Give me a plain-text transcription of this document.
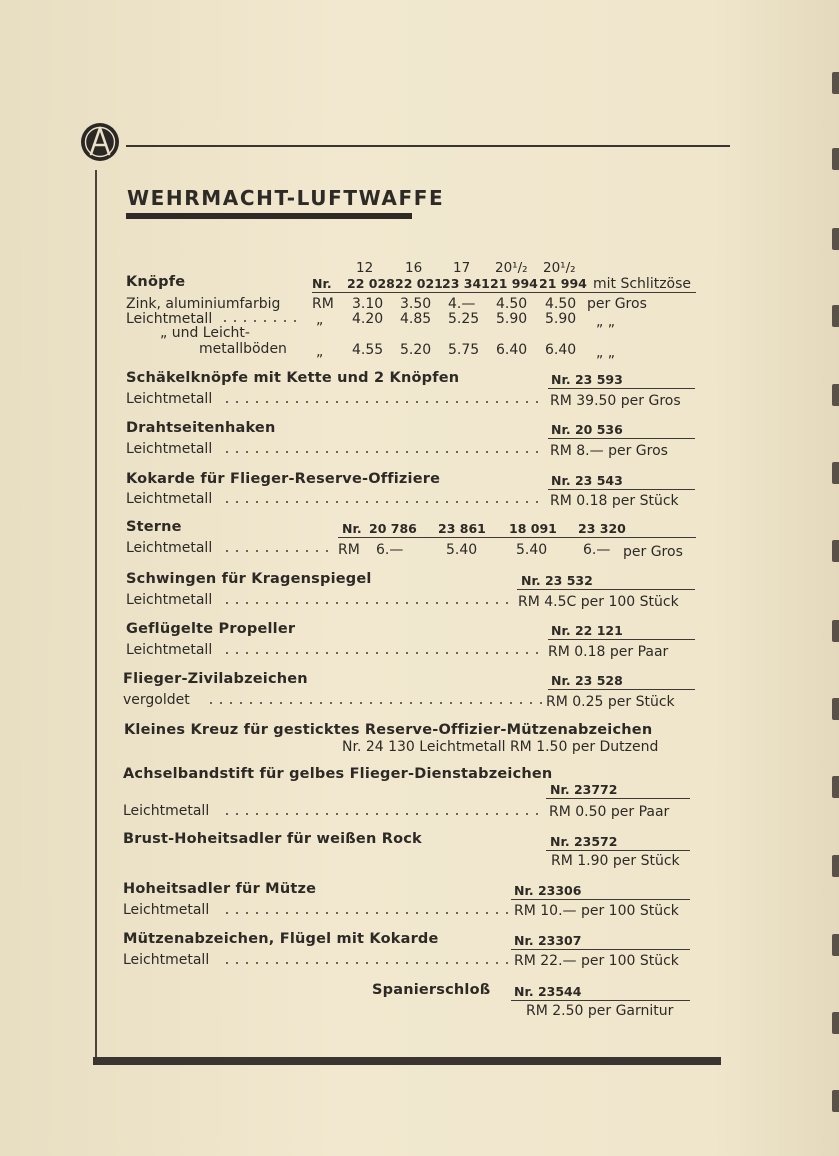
WEHRMACHT-LUFTWAFFE
12 16 17 20¹/₂ 20¹/₂
Knöpfe	Nr. 22 028 22 021 23 341 21 994 21 994 mit Schlitzöse
Zink, aluminiumfarbig RM 3.10 3.50 4.— 4.50 4.50 per Gros
Leichtmetall	„ 4.20 4.85 5.25 5.90 5.90 „ „
„ und Leicht-
metallböden „ 4.55 5.20 5.75 6.40 6.40 „ „
Schäkelknöpfe mit Kette und 2 Knöpfen	Nr. 23 593
Leichtmetall	RM 39.50 per Gros
Drahtseitenhaken	Nr. 20 536
Leichtmetall	RM 8.— per Gros
Kokarde für Flieger-Reserve-Offiziere	Nr. 23 543
Leichtmetall	RM 0.18 per Stück
Sterne	Nr. 20 786 23 861 18 091 23 320
Leichtmetall	RM 6.—	5.40	5.40	6.— per Gros
Schwingen für Kragenspiegel	Nr. 23 532
Leichtmetall	RM 4.5C per 100 Stück
Geflügelte Propeller	Nr. 22 121
Leichtmetall	RM 0.18 per Paar
Flieger-Zivilabzeichen	Nr. 23 528
vergoldet	RM 0.25 per Stück
Kleines Kreuz für gesticktes Reserve-Offizier-Mützenabzeichen
Nr. 24 130 Leichtmetall RM 1.50 per Dutzend
Achselbandstift für gelbes Flieger-Dienstabzeichen
Nr. 23772
Leichtmetall	RM 0.50 per Paar
Brust-Hoheitsadler für weißen Rock	Nr. 23572
RM 1.90 per Stück
Hoheitsadler für Mütze	Nr. 23306
Leichtmetall	RM 10.— per 100 Stück
Mützenabzeichen, Flügel mit Kokarde	Nr. 23307
Leichtmetall	RM 22.— per 100 Stück
Spanierschloß Nr. 23544
RM 2.50 per Garnitur
